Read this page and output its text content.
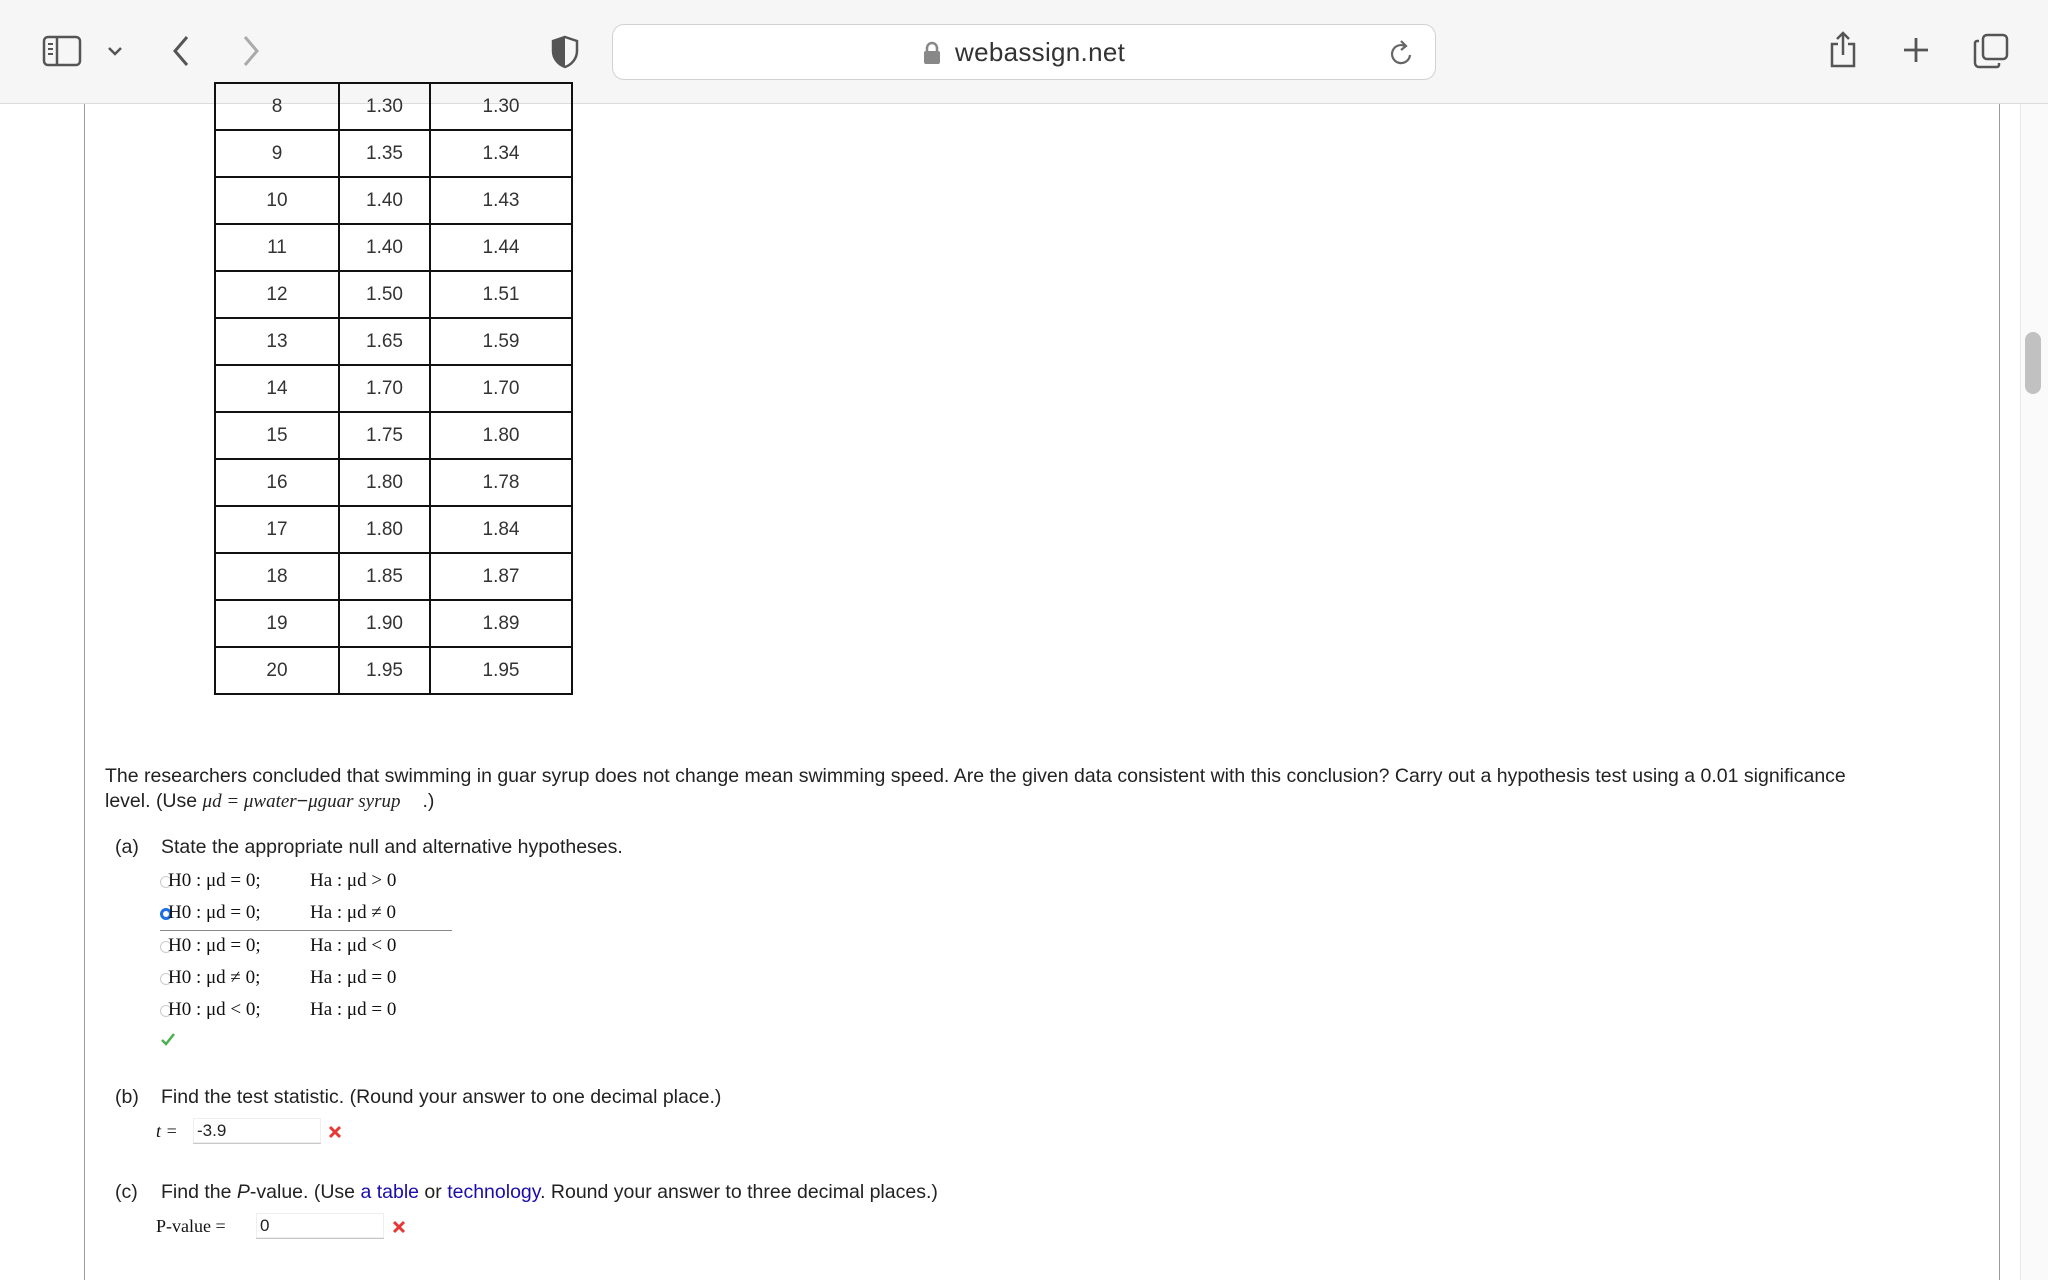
webassign.net
8	1.30	1.30
9	1.35	1.34
10	1.40	1.43
11	1.40	1.44
12	1.50	1.51
13	1.65	1.59
14	1.70	1.70
15	1.75	1.80
16	1.80	1.78
17	1.80	1.84
18	1.85	1.87
19	1.90	1.89
20	1.95	1.95
The researchers concluded that swimming in guar syrup does not change mean swimming speed. Are the given data consistent with this conclusion? Carry out a hypothesis test using a 0.01 significance
level. (Use μd = μwater−μguar syrup .)
(a) State the appropriate null and alternative hypotheses.
H0 : μd = 0;	Ha : μd > 0
H0 : μd = 0;	Ha : μd ≠ 0
H0 : μd = 0;	Ha : μd < 0
H0 : μd ≠ 0;	Ha : μd = 0
H0 : μd < 0;	Ha : μd = 0
(b) Find the test statistic. (Round your answer to one decimal place.)
t =
-3.9
(c) Find the P-value. (Use a table or technology. Round your answer to three decimal places.)
P-value =
0
